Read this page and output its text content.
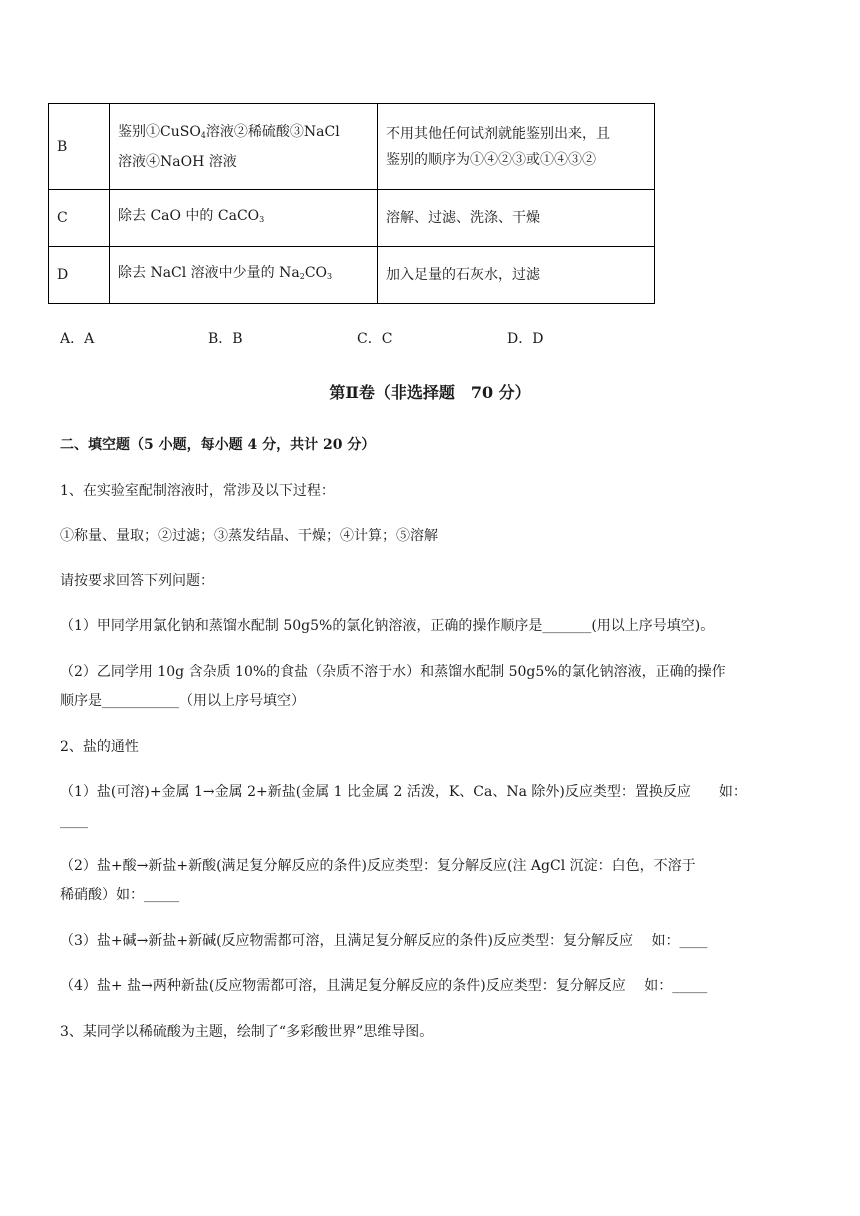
B	鉴别①CuSO$_4$溶液②稀硫酸③NaCl
溶液④NaOH 溶液	不用其他任何试剂就能鉴别出来，且
鉴别的顺序为①④②③或①④③②
C	除去 CaO 中的 CaCO$_3$	溶解、过滤、洗涤、干燥
D	除去 NaCl 溶液中少量的 $Na_2CO_3$	加入足量的石灰水，过滤
A．A	B．B	C．C	D．D
第Ⅱ卷（非选择题　70 分）
二、填空题（5 小题，每小题 4 分，共计 20 分）
1、在实验室配制溶液时，常涉及以下过程：
①称量、量取；②过滤；③蒸发结晶、干燥；④计算；⑤溶解
请按要求回答下列问题：
（1）甲同学用氯化钠和蒸馏水配制 50g5%的氯化钠溶液，正确的操作顺序是_______(用以上序号填空)。
（2）乙同学用 10g 含杂质 10%的食盐（杂质不溶于水）和蒸馏水配制 50g5%的氯化钠溶液，正确的操作
顺序是___________（用以上序号填空）
2、盐的通性
（1）盐(可溶)+金属 1→金属 2+新盐(金属 1 比金属 2 活泼，K、Ca、Na 除外)反应类型：置换反应　　如：
____
（2）盐+酸→新盐+新酸(满足复分解反应的条件)反应类型：复分解反应(注 AgCl 沉淀：白色，不溶于
稀硝酸）如：_____
（3）盐+碱→新盐+新碱(反应物需都可溶，且满足复分解反应的条件)反应类型：复分解反应　 如：____
（4）盐+ 盐→两种新盐(反应物需都可溶，且满足复分解反应的条件)反应类型：复分解反应　 如：_____
3、某同学以稀硫酸为主题，绘制了“多彩酸世界”思维导图。
